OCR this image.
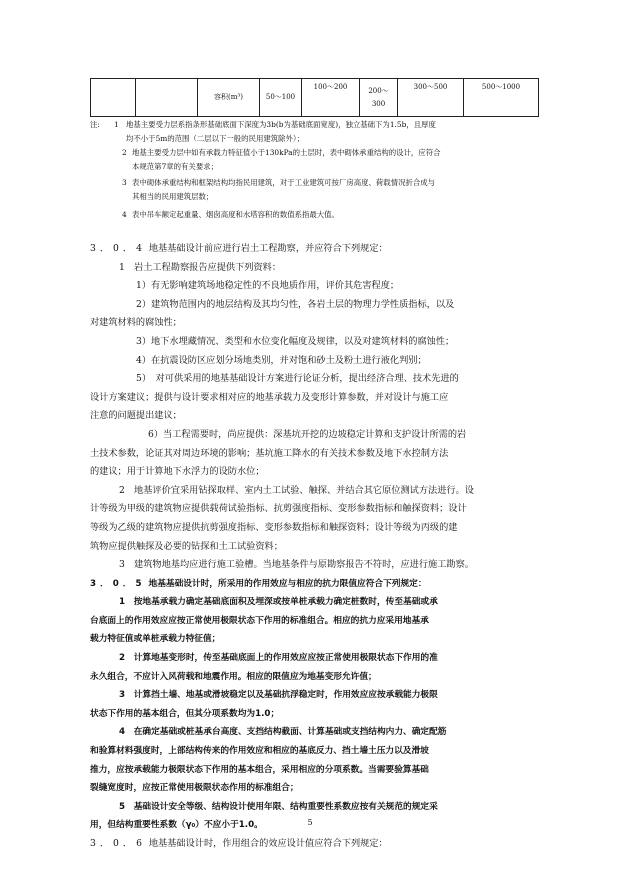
		容积(m³)	50～100	100～200	200～
300	300～500	500～1000
注: 1 地基主要受力层系指条形基础底面下深度为3b(b为基础底面宽度)，独立基础下为1.5b，且厚度
均不小于5m的范围（二层以下一般的民用建筑除外）；
2 地基主要受力层中如有承载力特征值小于130kPa的土层时，表中砌体承重结构的设计，应符合
本规范第7章的有关要求；
3 表中砌体承重结构和框架结构均指民用建筑，对于工业建筑可按厂房高度、荷载情况折合成与
其相当的民用建筑层数；
4 表中吊车额定起重量、烟囱高度和水塔容积的数值系指最大值。

3．0．4 地基基础设计前应进行岩土工程勘察，并应符合下列规定：

1　岩土工程勘察报告应提供下列资料：

1）有无影响建筑场地稳定性的不良地质作用，评价其危害程度；

2）建筑物范围内的地层结构及其均匀性，各岩土层的物理力学性质指标，以及

对建筑材料的腐蚀性；

3）地下水埋藏情况、类型和水位变化幅度及规律，以及对建筑材料的腐蚀性；

4）在抗震设防区应划分场地类别，并对饱和砂土及粉土进行液化判别；

5）　对可供采用的地基基础设计方案进行论证分析，提出经济合理、技术先进的

设计方案建议；提供与设计要求相对应的地基承载力及变形计算参数，并对设计与施工应

注意的问题提出建议；

6）当工程需要时，尚应提供：深基坑开挖的边坡稳定计算和支护设计所需的岩

土技术参数，论证其对周边环境的影响；基坑施工降水的有关技术参数及地下水控制方法

的建议；用于计算地下水浮力的设防水位；

2　地基评价宜采用钻探取样、室内土工试验、触探、并结合其它原位测试方法进行。设

计等级为甲级的建筑物应提供载荷试验指标、抗剪强度指标、变形参数指标和触探资料；设计

等级为乙级的建筑物应提供抗剪强度指标、变形参数指标和触探资料；设计等级为丙级的建

筑物应提供触探及必要的钻探和土工试验资料；

3　建筑物地基均应进行施工验槽。当地基条件与原勘察报告不符时，应进行施工勘察。

3．0．5 地基基础设计时，所采用的作用效应与相应的抗力限值应符合下列规定：

1　按地基承载力确定基础底面积及埋深或按单桩承载力确定桩数时，传至基础或承

台底面上的作用效应应按正常使用极限状态下作用的标准组合。相应的抗力应采用地基承

载力特征值或单桩承载力特征值；

2　计算地基变形时，传至基础底面上的作用效应应按正常使用极限状态下作用的准

永久组合，不应计入风荷载和地震作用。相应的限值应为地基变形允许值；

3　计算挡土墙、地基或滑坡稳定以及基础抗浮稳定时，作用效应应按承载能力极限

状态下作用的基本组合，但其分项系数均为1.0；

4　在确定基础或桩基承台高度、支挡结构截面、计算基础或支挡结构内力、确定配筋

和验算材料强度时，上部结构传来的作用效应和相应的基底反力、挡土墙土压力以及滑坡

推力，应按承载能力极限状态下作用的基本组合，采用相应的分项系数。当需要验算基础

裂缝宽度时，应按正常使用极限状态作用的标准组合；

5　基础设计安全等级、结构设计使用年限、结构重要性系数应按有关规范的规定采

用，但结构重要性系数（γ₀）不应小于1.0。

3．0．6 地基基础设计时，作用组合的效应设计值应符合下列规定：

5
